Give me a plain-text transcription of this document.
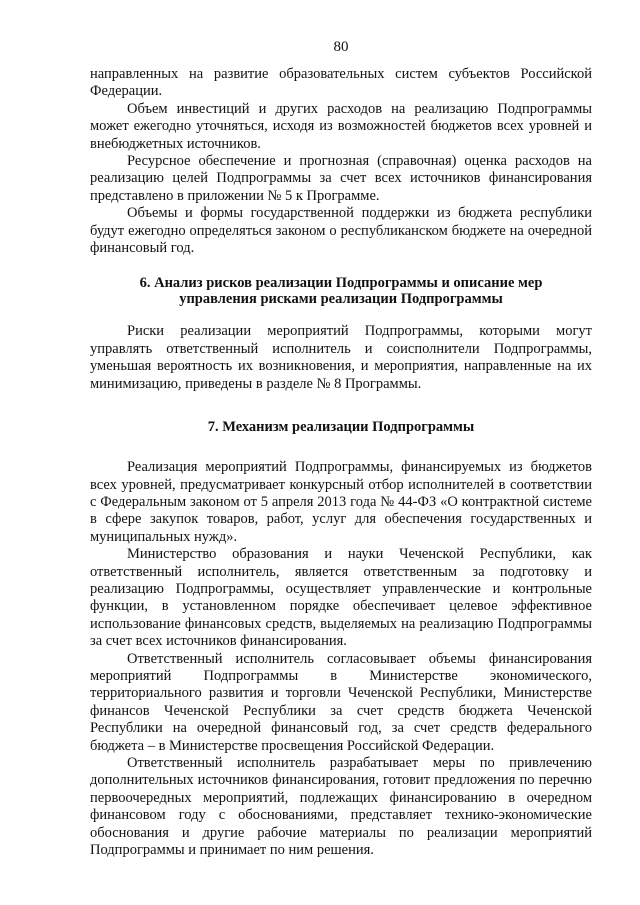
80

направленных на развитие образовательных систем субъектов Российской Федерации.

Объем инвестиций и других расходов на реализацию Подпрограммы может ежегодно уточняться, исходя из возможностей бюджетов всех уровней и внебюджетных источников.

Ресурсное обеспечение и прогнозная (справочная) оценка расходов на реализацию целей Подпрограммы за счет всех источников финансирования представлено в приложении № 5 к Программе.

Объемы и формы государственной поддержки из бюджета республики будут ежегодно определяться законом о республиканском бюджете на очередной финансовый год.

6. Анализ рисков реализации Подпрограммы и описание мер
управления рисками реализации Подпрограммы

Риски реализации мероприятий Подпрограммы, которыми могут управлять ответственный исполнитель и соисполнители Подпрограммы, уменьшая вероятность их возникновения, и мероприятия, направленные на их минимизацию, приведены в разделе № 8 Программы.

7. Механизм реализации Подпрограммы

Реализация мероприятий Подпрограммы, финансируемых из бюджетов всех уровней, предусматривает конкурсный отбор исполнителей в соответствии с Федеральным законом от 5 апреля 2013 года № 44-ФЗ «О контрактной системе в сфере закупок товаров, работ, услуг для обеспечения государственных и муниципальных нужд».

Министерство образования и науки Чеченской Республики, как ответственный исполнитель, является ответственным за подготовку и реализацию Подпрограммы, осуществляет управленческие и контрольные функции, в установленном порядке обеспечивает целевое эффективное использование финансовых средств, выделяемых на реализацию Подпрограммы за счет всех источников финансирования.

Ответственный исполнитель согласовывает объемы финансирования мероприятий Подпрограммы в Министерстве экономического, территориального развития и торговли Чеченской Республики, Министерстве финансов Чеченской Республики за счет средств бюджета Чеченской Республики на очередной финансовый год, за счет средств федерального бюджета – в Министерстве просвещения Российской Федерации.

Ответственный исполнитель разрабатывает меры по привлечению дополнительных источников финансирования, готовит предложения по перечню первоочередных мероприятий, подлежащих финансированию в очередном финансовом году с обоснованиями, представляет технико-экономические обоснования и другие рабочие материалы по реализации мероприятий Подпрограммы и принимает по ним решения.
